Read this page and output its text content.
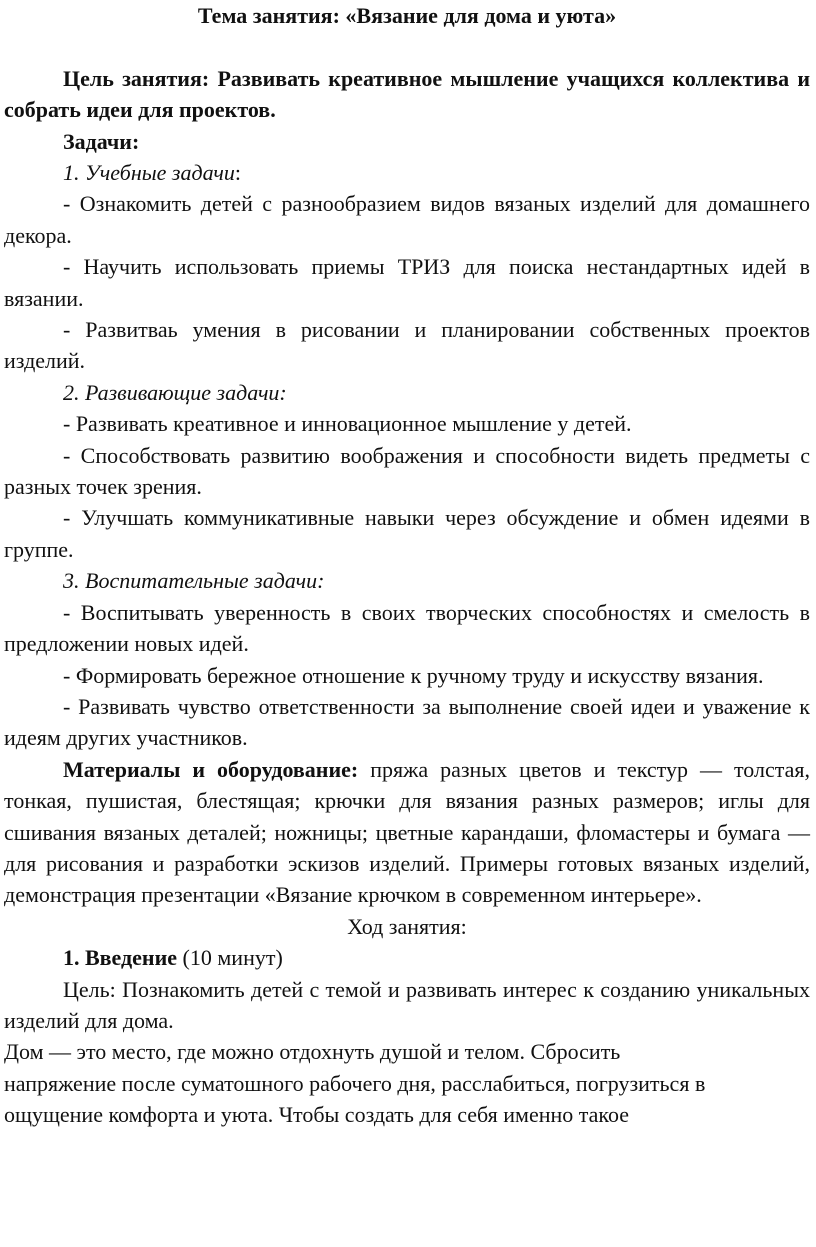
Тема занятия: «Вязание для дома и уюта»

Цель занятия: Развивать креативное мышление учащихся коллектива и собрать идеи для проектов.

Задачи:

1. Учебные задачи:

- Ознакомить детей с разнообразием видов вязаных изделий для домашнего декора.

- Научить использовать приемы ТРИЗ для поиска нестандартных идей в вязании.

- Развитваь умения в рисовании и планировании собственных проектов изделий.

2. Развивающие задачи:

- Развивать креативное и инновационное мышление у детей.

- Способствовать развитию воображения и способности видеть предметы с разных точек зрения.

- Улучшать коммуникативные навыки через обсуждение и обмен идеями в группе.

3. Воспитательные задачи:

- Воспитывать уверенность в своих творческих способностях и смелость в предложении новых идей.

- Формировать бережное отношение к ручному труду и искусству вязания.

- Развивать чувство ответственности за выполнение своей идеи и уважение к идеям других участников.

Материалы и оборудование: пряжа разных цветов и текстур — толстая, тонкая, пушистая, блестящая; крючки для вязания разных размеров; иглы для сшивания вязаных деталей; ножницы; цветные карандаши, фломастеры и бумага — для рисования и разработки эскизов изделий. Примеры готовых вязаных изделий, демонстрация презентации «Вязание крючком в современном интерьере».

Ход занятия:

1. Введение (10 минут)

Цель: Познакомить детей с темой и развивать интерес к созданию уникальных изделий для дома.

Дом — это место, где можно отдохнуть душой и телом. Сбросить

напряжение после суматошного рабочего дня, расслабиться, погрузиться в

ощущение комфорта и уюта. Чтобы создать для себя именно такое
